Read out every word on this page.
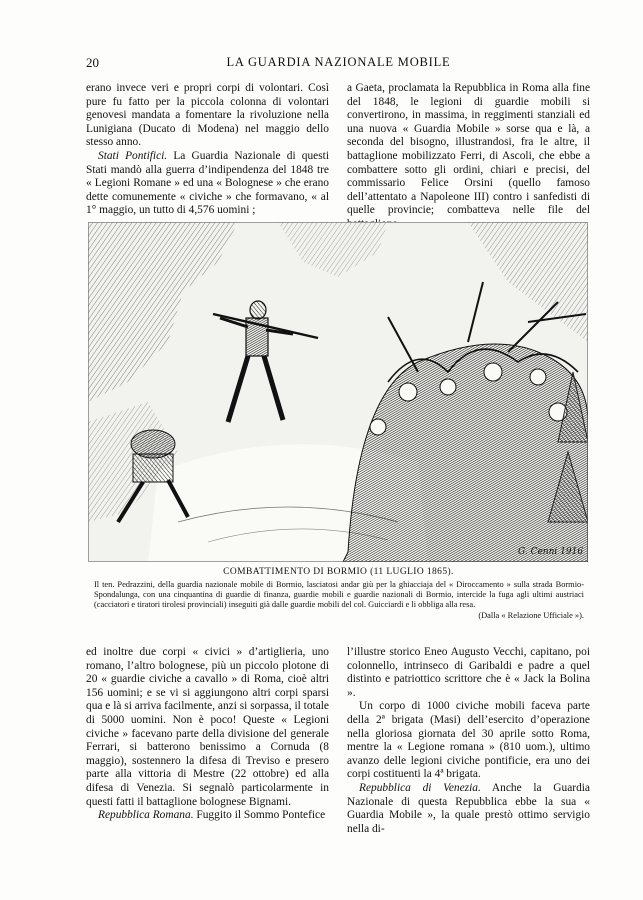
20	LA GUARDIA NAZIONALE MOBILE

erano invece veri e propri corpi di volontari. Così pure fu fatto per la piccola colonna di volontari genovesi mandata a fomentare la rivoluzione nella Lunigiana (Ducato di Modena) nel maggio dello stesso anno.

Stati Pontifici. La Guardia Nazionale di questi Stati mandò alla guerra d’indipendenza del 1848 tre « Legioni Romane » ed una « Bolognese » che erano dette comunemente « civiche » che formavano, « al 1° maggio, un tutto di 4,576 uomini ;

a Gaeta, proclamata la Repubblica in Roma alla fine del 1848, le legioni di guardie mobili si convertirono, in massima, in reggimenti stanziali ed una nuova « Guardia Mobile » sorse qua e là, a seconda del bisogno, illustrandosi, fra le altre, il battaglione mobilizzato Ferri, di Ascoli, che ebbe a combattere sotto gli ordini, chiari e precisi, del commissario Felice Orsini (quello famoso dell’attentato a Napoleone III) contro i sanfedisti di quelle provincie; combatteva nelle file del

G. Cenni 1916
COMBATTIMENTO DI BORMIO (11 LUGLIO 1865).
Il ten. Pedrazzini, della guardia nazionale mobile di Bormio, lasciatosi andar giù per la ghiacciaja del « Diroccamento » sulla strada Bormio-Spondalunga, con una cinquantina di guardie di finanza, guardie mobili e guardie nazionali di Bormio, intercide la fuga agli ultimi austriaci (cacciatori e tiratori tirolesi provinciali) inseguiti già dalle guardie mobili del col. Guicciardi e li obbliga alla resa.
(Dalla « Relazione Ufficiale »).

ed inoltre due corpi « civici » d’artiglieria, uno romano, l’altro bolognese, più un piccolo plotone di 20 « guardie civiche a cavallo » di Roma, cioè altri 156 uomini; e se vi si aggiungono altri corpi sparsi qua e là si arriva facilmente, anzi si sorpassa, il totale di 5000 uomini. Non è poco! Queste « Legioni civiche » facevano parte della divisione del generale Ferrari, si batterono benissimo a Cornuda (8 maggio), sostennero la difesa di Treviso e presero parte alla vittoria di Mestre (22 ottobre) ed alla difesa di Venezia. Si segnalò particolarmente in questi fatti il battaglione bolognese Bignami.

Repubblica Romana. Fuggito il Sommo Pontefice

l’illustre storico Eneo Augusto Vecchi, capitano, poi colonnello, intrinseco di Garibaldi e padre a quel distinto e patriottico scrittore che è « Jack la Bolina ».

Un corpo di 1000 civiche mobili faceva parte della 2ª brigata (Masi) dell’esercito d’operazione nella gloriosa giornata del 30 aprile sotto Roma, mentre la « Legione romana » (810 uom.), ultimo avanzo delle legioni civiche pontificie, era uno dei corpi costituenti la 4ª brigata.

Repubblica di Venezia. Anche la Guardia Nazionale di questa Repubblica ebbe la sua « Guardia Mobile », la quale prestò ottimo servigio nella di-
